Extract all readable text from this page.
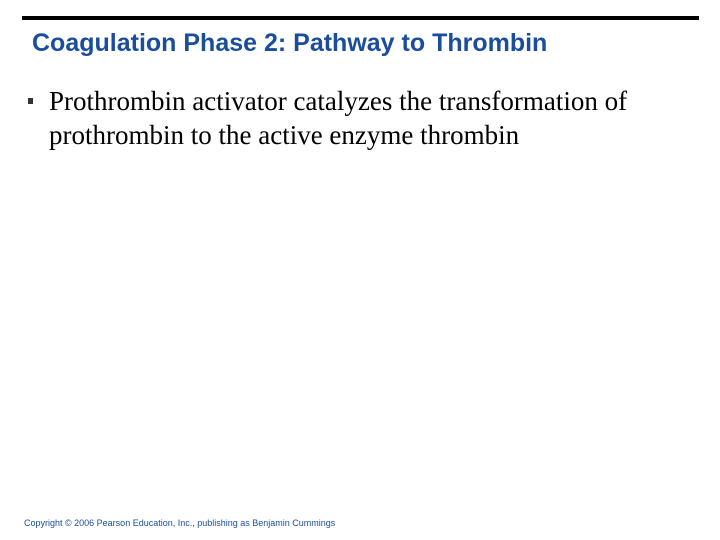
Coagulation Phase 2: Pathway to Thrombin
Prothrombin activator catalyzes the transformation of prothrombin to the active enzyme thrombin
Copyright © 2006 Pearson Education, Inc., publishing as Benjamin Cummings
